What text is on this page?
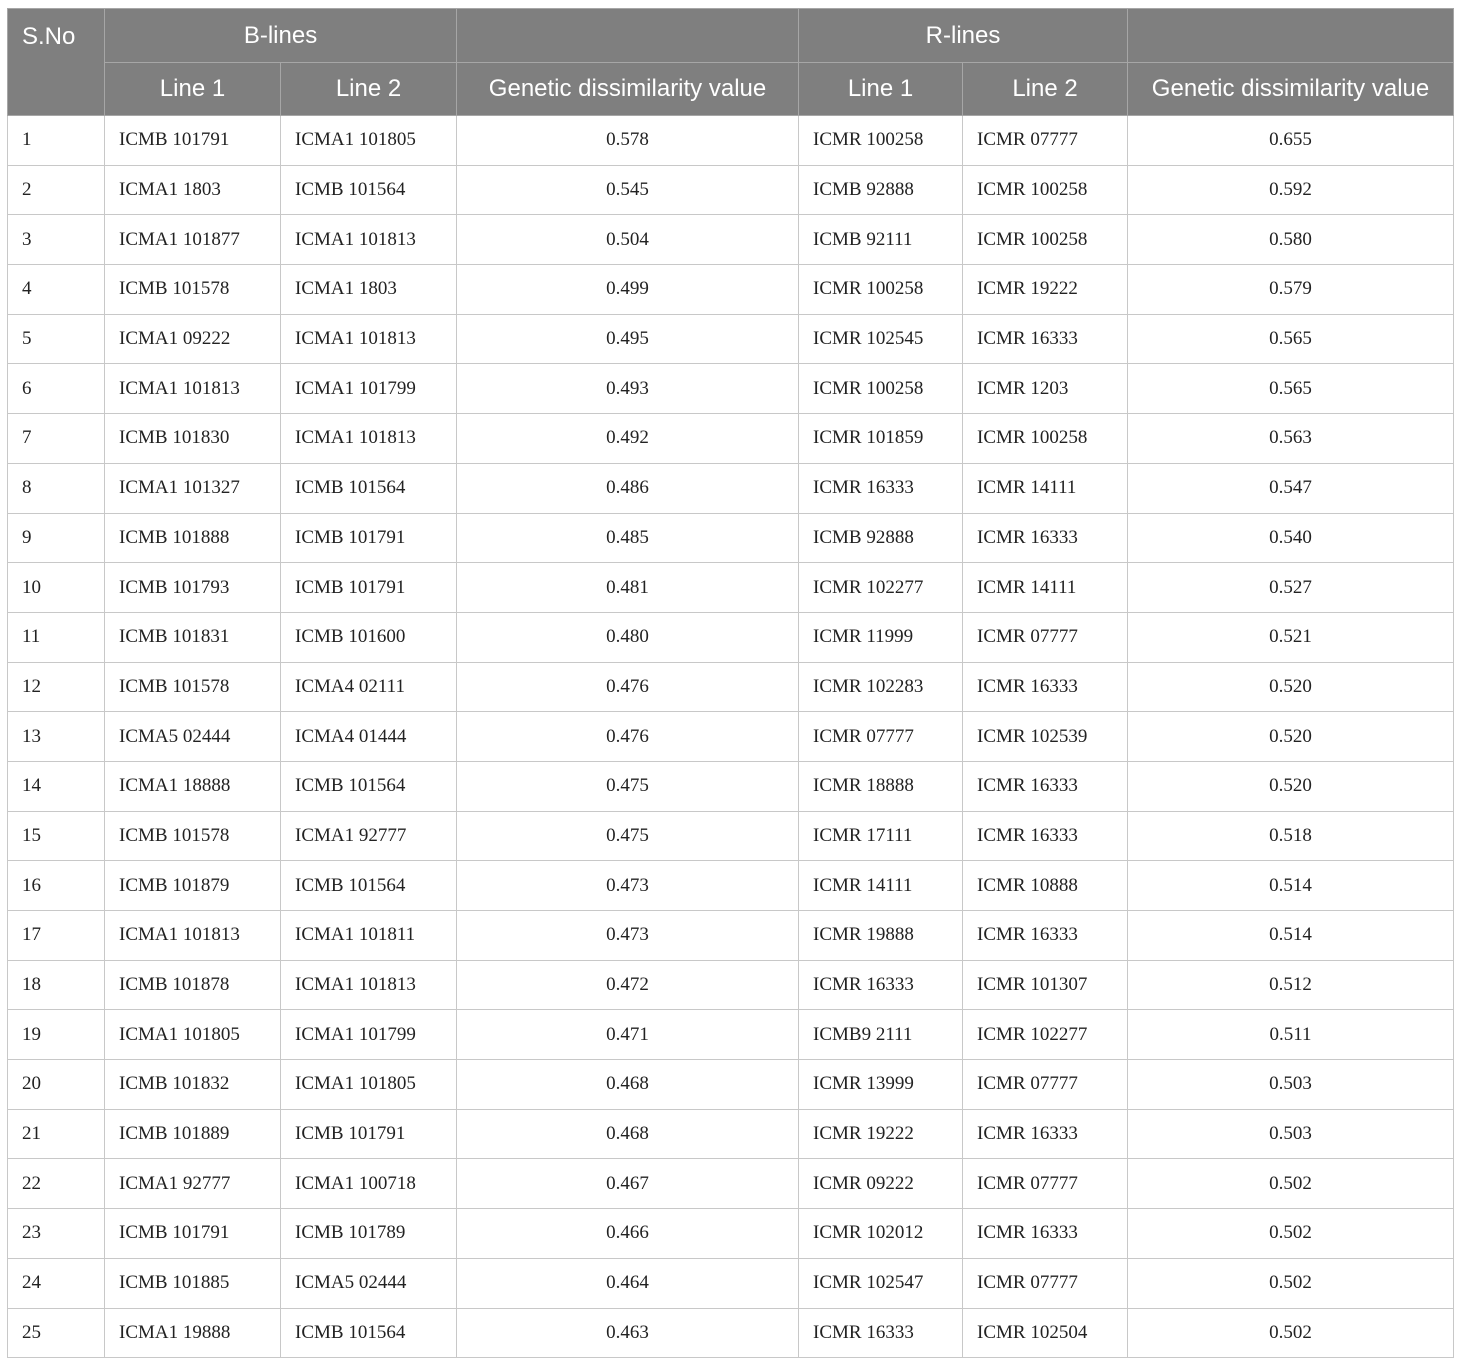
S.No	B-lines			R-lines		
	Line 1	Line 2	Genetic dissimilarity value	Line 1	Line 2	Genetic dissimilarity value
1	ICMB 101791	ICMA1 101805	0.578	ICMR 100258	ICMR 07777	0.655
2	ICMA1 1803	ICMB 101564	0.545	ICMB 92888	ICMR 100258	0.592
3	ICMA1 101877	ICMA1 101813	0.504	ICMB 92111	ICMR 100258	0.580
4	ICMB 101578	ICMA1 1803	0.499	ICMR 100258	ICMR 19222	0.579
5	ICMA1 09222	ICMA1 101813	0.495	ICMR 102545	ICMR 16333	0.565
6	ICMA1 101813	ICMA1 101799	0.493	ICMR 100258	ICMR 1203	0.565
7	ICMB 101830	ICMA1 101813	0.492	ICMR 101859	ICMR 100258	0.563
8	ICMA1 101327	ICMB 101564	0.486	ICMR 16333	ICMR 14111	0.547
9	ICMB 101888	ICMB 101791	0.485	ICMB 92888	ICMR 16333	0.540
10	ICMB 101793	ICMB 101791	0.481	ICMR 102277	ICMR 14111	0.527
11	ICMB 101831	ICMB 101600	0.480	ICMR 11999	ICMR 07777	0.521
12	ICMB 101578	ICMA4 02111	0.476	ICMR 102283	ICMR 16333	0.520
13	ICMA5 02444	ICMA4 01444	0.476	ICMR 07777	ICMR 102539	0.520
14	ICMA1 18888	ICMB 101564	0.475	ICMR 18888	ICMR 16333	0.520
15	ICMB 101578	ICMA1 92777	0.475	ICMR 17111	ICMR 16333	0.518
16	ICMB 101879	ICMB 101564	0.473	ICMR 14111	ICMR 10888	0.514
17	ICMA1 101813	ICMA1 101811	0.473	ICMR 19888	ICMR 16333	0.514
18	ICMB 101878	ICMA1 101813	0.472	ICMR 16333	ICMR 101307	0.512
19	ICMA1 101805	ICMA1 101799	0.471	ICMB9 2111	ICMR 102277	0.511
20	ICMB 101832	ICMA1 101805	0.468	ICMR 13999	ICMR 07777	0.503
21	ICMB 101889	ICMB 101791	0.468	ICMR 19222	ICMR 16333	0.503
22	ICMA1 92777	ICMA1 100718	0.467	ICMR 09222	ICMR 07777	0.502
23	ICMB 101791	ICMB 101789	0.466	ICMR 102012	ICMR 16333	0.502
24	ICMB 101885	ICMA5 02444	0.464	ICMR 102547	ICMR 07777	0.502
25	ICMA1 19888	ICMB 101564	0.463	ICMR 16333	ICMR 102504	0.502
